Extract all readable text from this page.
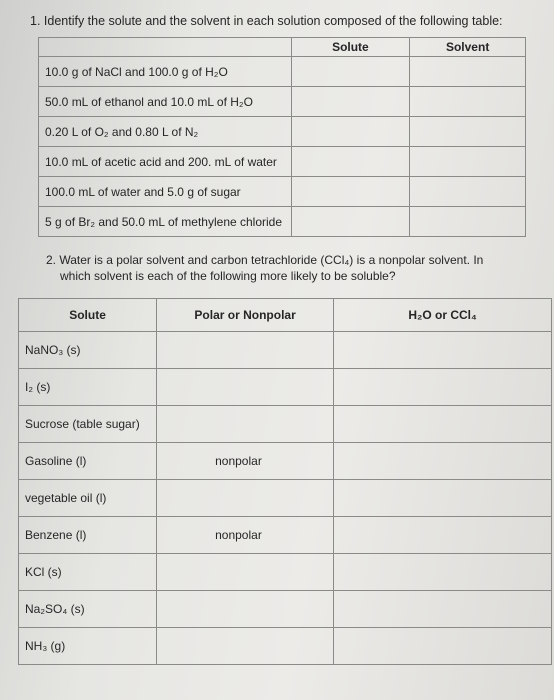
1. Identify the solute and the solvent in each solution composed of the following table:
	Solute	Solvent
10.0 g of NaCl and 100.0 g of H₂O		
50.0 mL of ethanol and 10.0 mL of H₂O		
0.20 L of O₂ and 0.80 L of N₂		
10.0 mL of acetic acid and 200. mL of water		
100.0 mL of water and 5.0 g of sugar		
5 g of Br₂ and 50.0 mL of methylene chloride		
2. Water is a polar solvent and carbon tetrachloride (CCl₄) is a nonpolar solvent. In
which solvent is each of the following more likely to be soluble?
Solute	Polar or Nonpolar	H₂O or CCl₄
NaNO₃ (s)		
I₂ (s)		
Sucrose (table sugar)		
Gasoline (l)	nonpolar	
vegetable oil (l)		
Benzene (l)	nonpolar	
KCl (s)		
Na₂SO₄ (s)		
NH₃ (g)		
